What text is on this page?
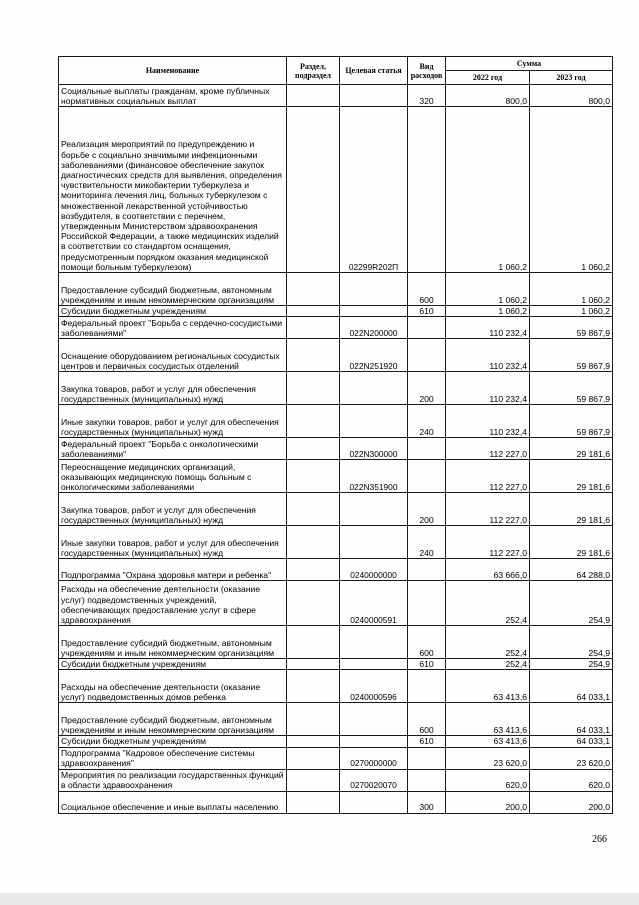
Наименование	Раздел, подраздел	Целевая статья	Вид расходов	Сумма	
				2022 год	2023 год
Социальные выплаты гражданам, кроме публичных нормативных социальных выплат			320	800,0	800,0
Реализация мероприятий по предупреждению и борьбе с социально значимыми инфекционными заболеваниями (финансовое обеспечение закупок диагностических средств для выявления, определения чувствительности микобактерии туберкулеза и мониторинга лечения лиц, больных туберкулезом с множественной лекарственной устойчивостью возбудителя, в соответствии с перечнем, утвержденным Министерством здравоохранения Российской Федерации, а также медицинских изделий в соответствии со стандартом оснащения, предусмотренным порядком оказания медицинской помощи больным туберкулезом)		02299R202П		1 060,2	1 060,2
Предоставление субсидий бюджетным, автономным учреждениям и иным некоммерческим организациям			600	1 060,2	1 060,2
Субсидии бюджетным учреждениям			610	1 060,2	1 060,2
Федеральный проект "Борьба с сердечно-сосудистыми заболеваниями"		022N200000		110 232,4	59 867,9
Оснащение оборудованием региональных сосудистых центров и первичных сосудистых отделений		022N251920		110 232,4	59 867,9
Закупка товаров, работ и услуг для обеспечения государственных (муниципальных) нужд			200	110 232,4	59 867,9
Иные закупки товаров, работ и услуг для обеспечения государственных (муниципальных) нужд			240	110 232,4	59 867,9
Федеральный проект "Борьба с онкологическими заболеваниями"		022N300000		112 227,0	29 181,6
Переоснащение медицинских организаций, оказывающих медицинскую помощь больным с онкологическими заболеваниями		022N351900		112 227,0	29 181,6
Закупка товаров, работ и услуг для обеспечения государственных (муниципальных) нужд			200	112 227,0	29 181,6
Иные закупки товаров, работ и услуг для обеспечения государственных (муниципальных) нужд			240	112 227,0	29 181,6
Подпрограмма "Охрана здоровья матери и ребенка"		0240000000		63 666,0	64 288,0
Расходы на обеспечение деятельности (оказание услуг) подведомственных учреждений, обеспечивающих предоставление услуг в сфере здравоохранения		0240000591		252,4	254,9
Предоставление субсидий бюджетным, автономным учреждениям и иным некоммерческим организациям			600	252,4	254,9
Субсидии бюджетным учреждениям			610	252,4	254,9
Расходы на обеспечение деятельности (оказание услуг) подведомственных домов ребенка		0240000596		63 413,6	64 033,1
Предоставление субсидий бюджетным, автономным учреждениям и иным некоммерческим организациям			600	63 413,6	64 033,1
Субсидии бюджетным учреждениям			610	63 413,6	64 033,1
Подпрограмма "Кадровое обеспечение системы здравоохранения"		0270000000		23 620,0	23 620,0
Мероприятия по реализации государственных функций в области здравоохранения		0270020070		620,0	620,0
Социальное обеспечение и иные выплаты населению			300	200,0	200,0
266
